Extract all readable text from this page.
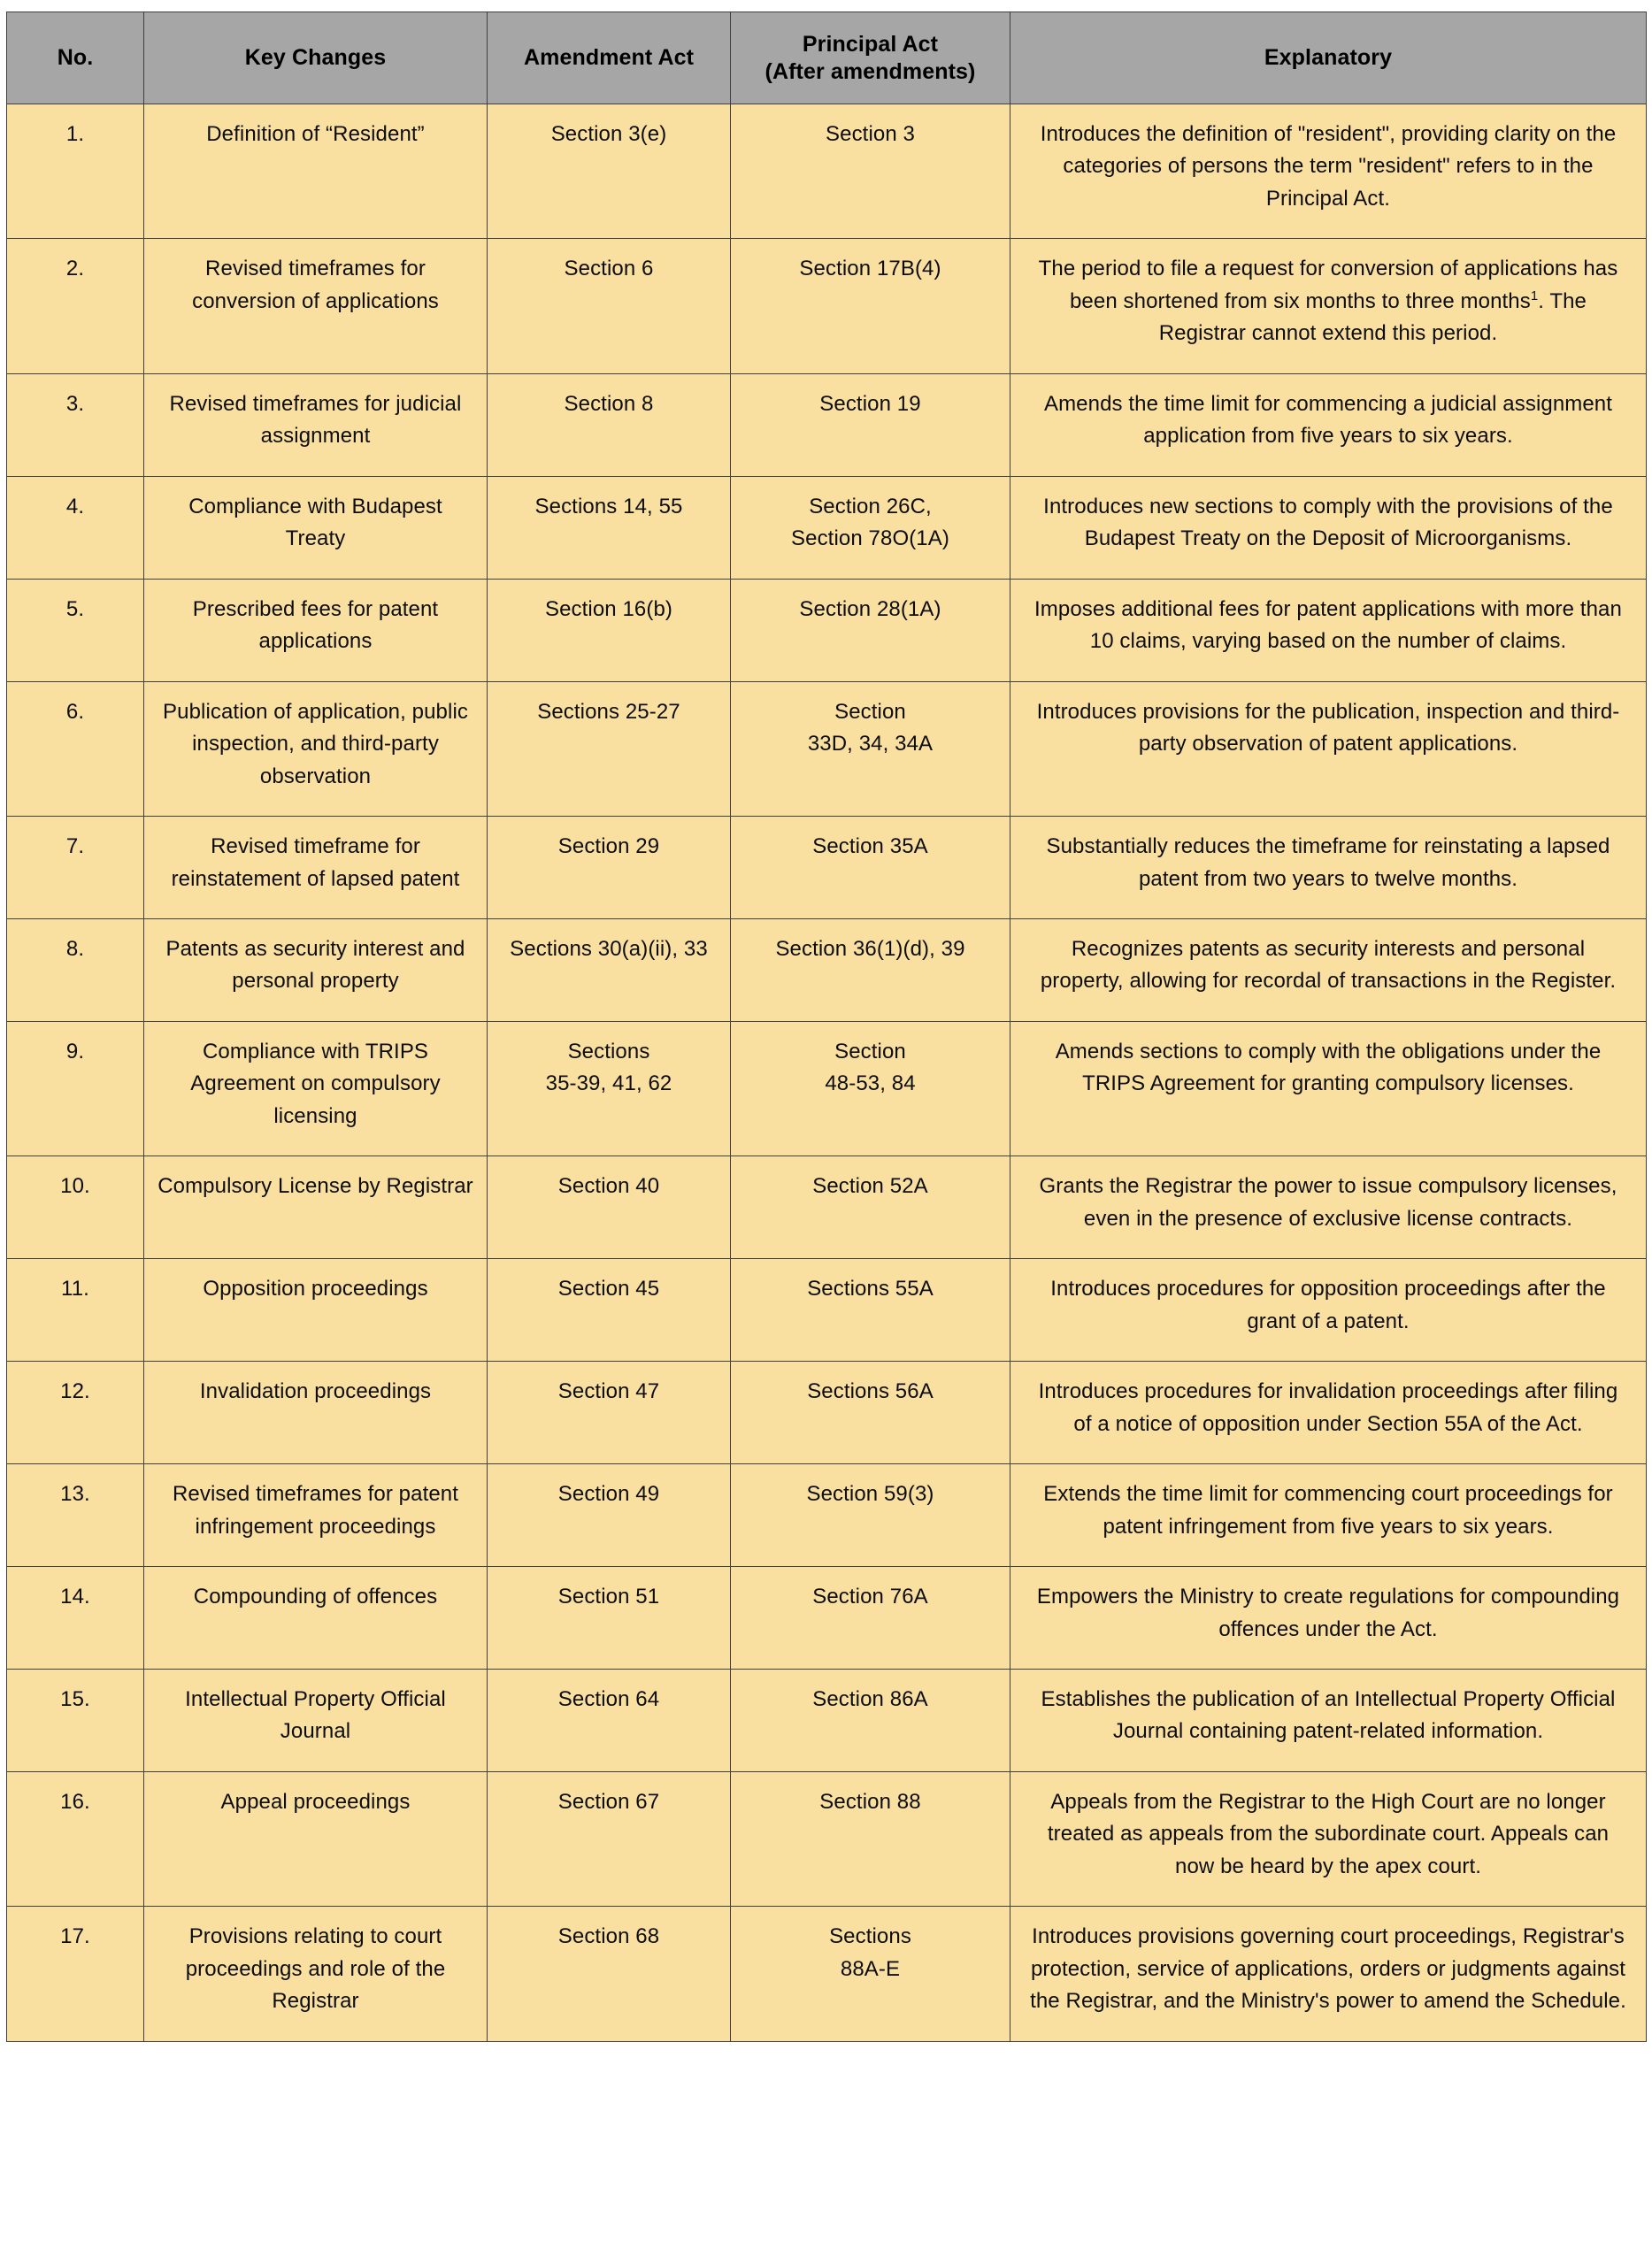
No.	Key Changes	Amendment Act	Principal Act
(After amendments)	Explanatory
1.	Definition of “Resident”	Section 3(e)	Section 3	Introduces the definition of "resident", providing clarity on the categories of persons the term "resident" refers to in the Principal Act.
2.	Revised timeframes for conversion of applications	Section 6	Section 17B(4)	The period to file a request for conversion of applications has been shortened from six months to three months$^1$. The Registrar cannot extend this period.
3.	Revised timeframes for judicial assignment	Section 8	Section 19	Amends the time limit for commencing a judicial assignment application from five years to six years.
4.	Compliance with Budapest Treaty	Sections 14, 55	Section 26C,
Section 78O(1A)	Introduces new sections to comply with the provisions of the Budapest Treaty on the Deposit of Microorganisms.
5.	Prescribed fees for patent applications	Section 16(b)	Section 28(1A)	Imposes additional fees for patent applications with more than 10 claims, varying based on the number of claims.
6.	Publication of application, public inspection, and third-party observation	Sections 25-27	Section
33D, 34, 34A	Introduces provisions for the publication, inspection and third-party observation of patent applications.
7.	Revised timeframe for reinstatement of lapsed patent	Section 29	Section 35A	Substantially reduces the timeframe for reinstating a lapsed patent from two years to twelve months.
8.	Patents as security interest and personal property	Sections 30(a)(ii), 33	Section 36(1)(d), 39	Recognizes patents as security interests and personal property, allowing for recordal of transactions in the Register.
9.	Compliance with TRIPS Agreement on compulsory licensing	Sections
35-39, 41, 62	Section
48-53, 84	Amends sections to comply with the obligations under the TRIPS Agreement for granting compulsory licenses.
10.	Compulsory License by Registrar	Section 40	Section 52A	Grants the Registrar the power to issue compulsory licenses, even in the presence of exclusive license contracts.
11.	Opposition proceedings	Section 45	Sections 55A	Introduces procedures for opposition proceedings after the grant of a patent.
12.	Invalidation proceedings	Section 47	Sections 56A	Introduces procedures for invalidation proceedings after filing of a notice of opposition under Section 55A of the Act.
13.	Revised timeframes for patent infringement proceedings	Section 49	Section 59(3)	Extends the time limit for commencing court proceedings for patent infringement from five years to six years.
14.	Compounding of offences	Section 51	Section 76A	Empowers the Ministry to create regulations for compounding offences under the Act.
15.	Intellectual Property Official Journal	Section 64	Section 86A	Establishes the publication of an Intellectual Property Official Journal containing patent-related information.
16.	Appeal proceedings	Section 67	Section 88	Appeals from the Registrar to the High Court are no longer treated as appeals from the subordinate court. Appeals can now be heard by the apex court.
17.	Provisions relating to court proceedings and role of the Registrar	Section 68	Sections
88A-E	Introduces provisions governing court proceedings, Registrar's protection, service of applications, orders or judgments against the Registrar, and the Ministry's power to amend the Schedule.
